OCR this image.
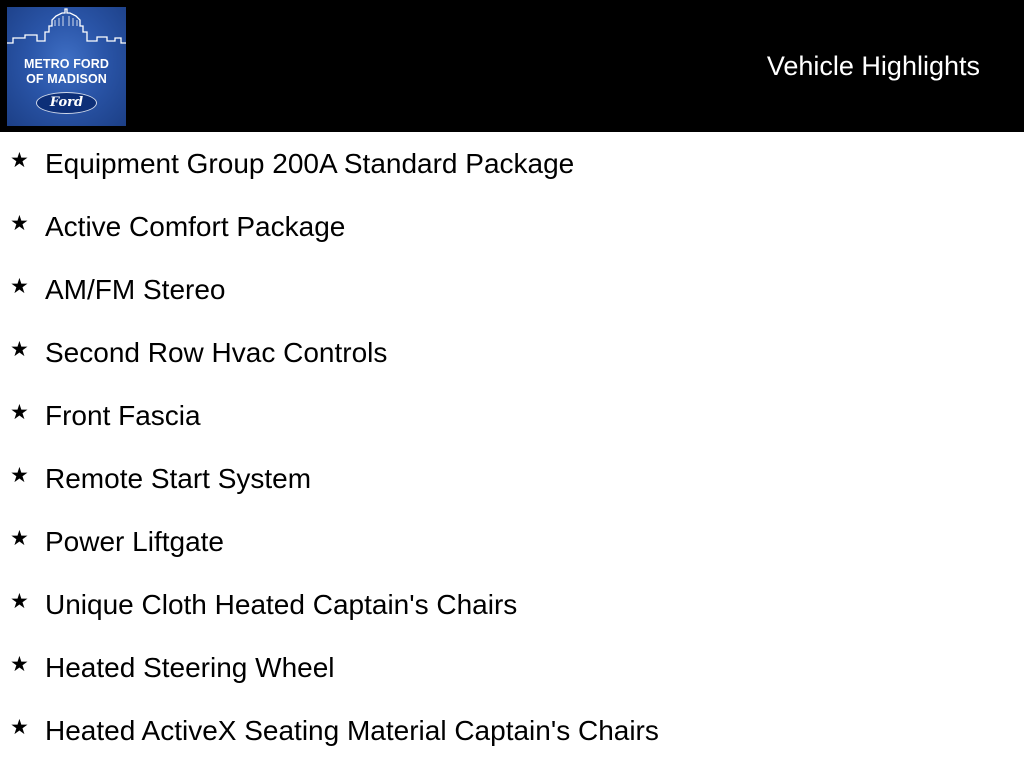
METRO FORD
OF MADISON
Ford
Vehicle Highlights
★ Equipment Group 200A Standard Package
★ Active Comfort Package
★ AM/FM Stereo
★ Second Row Hvac Controls
★ Front Fascia
★ Remote Start System
★ Power Liftgate
★ Unique Cloth Heated Captain's Chairs
★ Heated Steering Wheel
★ Heated ActiveX Seating Material Captain's Chairs
